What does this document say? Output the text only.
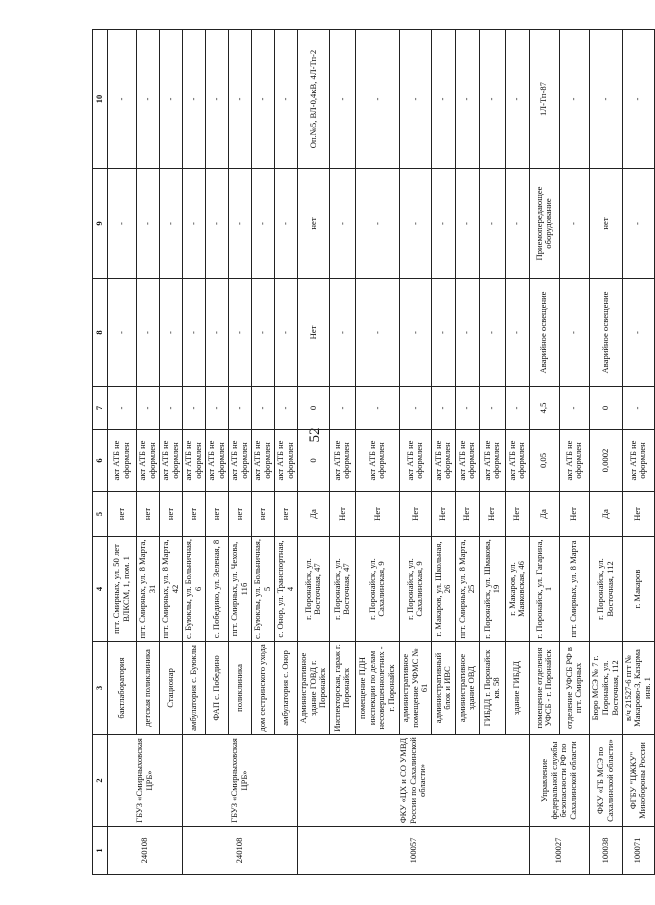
52
1	2	3	4	5	6	7	8	9	10
240108	ГБУЗ «Смирныховская ЦРБ»	бактлаборатория	пгт. Смирных, ул. 50 лет ВЛКСМ, 1, пом. 1	нет	акт АТБ не оформлен	-	-	-	-
		детская поликлиника	пгт. Смирных, ул. 8 Марта, 31	нет	акт АТБ не оформлен	-	-	-	-
		Стационар	пгт. Смирных, ул. 8 Марта, 42	нет	акт АТБ не оформлен	-	-	-	-
240108	ГБУЗ «Смирныховская ЦРБ»	амбулатория с. Буюклы	с. Буюклы, ул. Больничная, 6	нет	акт АТБ не оформлен	-	-	-	-
		ФАП с. Победино	с. Победино, ул. Зеленая, 8	нет	акт АТБ не оформлен	-	-	-	-
		поликлиника	пгт. Смирных, ул. Чехова, 11б	нет	акт АТБ не оформлен	-	-	-	-
		дом сестринского ухода	с. Буюклы, ул. Больничная, 5	нет	акт АТБ не оформлен	-	-	-	-
		амбулатория с. Онор	с. Онор, ул. Транспортная, 4	нет	акт АТБ не оформлен	-	-	-	-
100057	ФКУ «ЦХ и СО УМВД России по Сахалинской области»	Административное здание ГОВД г. Поронайск	г. Поронайск, ул. Восточная, 47	Да	0	0	Нет	нет	Оп.№5, ВЛ-0,4кВ, 4Л-Тп-2
		Инспекторская, гараж г. Поронайск	г. Поронайск, ул. Восточная, 47	Нет	акт АТБ не оформлен	-	-	-	-
		помещение ПДН инспекции по делам несовершеннолетних - г. Поронайск	г. Поронайск, ул. Сахалинская, 9	Нет	акт АТБ не оформлен	-	-	-	-
		административное помещение УФМС № 61	г. Поронайск, ул. Сахалинская, 9	Нет	акт АТБ не оформлен	-	-	-	-
		административный блок и ИВС	г. Макаров, ул. Школьная, 26	Нет	акт АТБ не оформлен	-	-	-	-
		административное здание ОВД	пгт. Смирных, ул. 8 Марта, 25	Нет	акт АТБ не оформлен	-	-	-	-
		ГИБДД г. Поронайск кв. 58	г. Поронайск, ул. Шмакова, 19	Нет	акт АТБ не оформлен	-	-	-	-
		здание ГИБДД	г. Макаров, ул. Маяковская, 46	Нет	акт АТБ не оформлен	-	-	-	-
100027	Управление федеральной службы безопасности РФ по Сахалинской области	помещение отделения УФСБ - г. Поронайск	г. Поронайск, ул. Гагарина, 1	Да	0,05	4,5	Аварийное освещение	Приемопередающее оборудование	1Л-Тп-87
		отделение УФСБ РФ в пгт. Смирных	пгт. Смирных, ул. 8 Марта	Нет	акт АТБ не оформлен	-	-	-	-
100038	ФКУ «ГБ МСЭ по Сахалинской области»	Бюро МСЭ № 7 г. Поронайск, ул. Восточная, 112	г. Поронайск, ул. Восточная, 112	Да	0,0002	0	Аварийное освещение	нет	-
100071	ФГБУ "ЦЖКУ" Минобороны России	в/ч 21527-6 пгт № Макарово-3, Казарма инв. 1	г. Макаров	Нет	акт АТБ не оформлен	-	-	-	-
